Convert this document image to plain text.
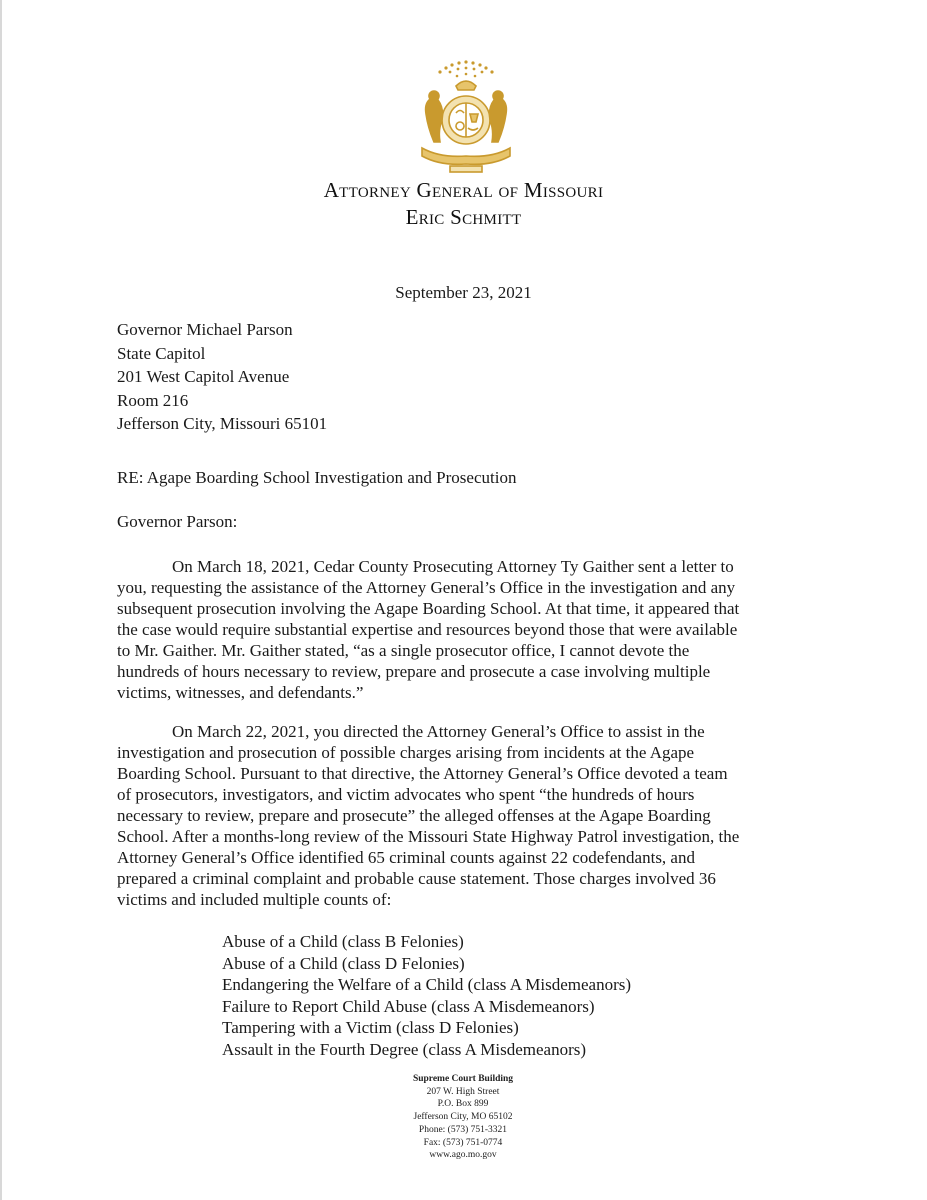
Attorney General of Missouri
Eric Schmitt
September 23, 2021
Governor Michael Parson
State Capitol
201 West Capitol Avenue
Room 216
Jefferson City, Missouri 65101
RE: Agape Boarding School Investigation and Prosecution
Governor Parson:
On March 18, 2021, Cedar County Prosecuting Attorney Ty Gaither sent a letter to
you, requesting the assistance of the Attorney General’s Office in the investigation and any
subsequent prosecution involving the Agape Boarding School. At that time, it appeared that
the case would require substantial expertise and resources beyond those that were available
to Mr. Gaither. Mr. Gaither stated, “as a single prosecutor office, I cannot devote the
hundreds of hours necessary to review, prepare and prosecute a case involving multiple
victims, witnesses, and defendants.”
On March 22, 2021, you directed the Attorney General’s Office to assist in the
investigation and prosecution of possible charges arising from incidents at the Agape
Boarding School. Pursuant to that directive, the Attorney General’s Office devoted a team
of prosecutors, investigators, and victim advocates who spent “the hundreds of hours
necessary to review, prepare and prosecute” the alleged offenses at the Agape Boarding
School. After a months-long review of the Missouri State Highway Patrol investigation, the
Attorney General’s Office identified 65 criminal counts against 22 codefendants, and
prepared a criminal complaint and probable cause statement. Those charges involved 36
victims and included multiple counts of:
Abuse of a Child (class B Felonies)
Abuse of a Child (class D Felonies)
Endangering the Welfare of a Child (class A Misdemeanors)
Failure to Report Child Abuse (class A Misdemeanors)
Tampering with a Victim (class D Felonies)
Assault in the Fourth Degree (class A Misdemeanors)
Supreme Court Building
207 W. High Street
P.O. Box 899
Jefferson City, MO 65102
Phone: (573) 751-3321
Fax: (573) 751-0774
www.ago.mo.gov
